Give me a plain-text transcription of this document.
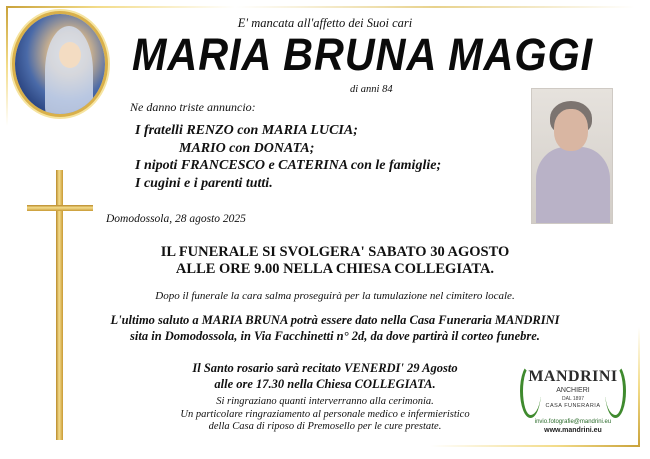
E' mancata all'affetto dei Suoi cari
MARIA BRUNA MAGGI
di anni 84
Ne danno triste annuncio:
I fratelli RENZO con MARIA LUCIA;
MARIO con DONATA;
I nipoti FRANCESCO e CATERINA con le famiglie;
I cugini e i parenti tutti.
Domodossola, 28 agosto 2025
IL FUNERALE SI SVOLGERA' SABATO 30 AGOSTO
ALLE ORE 9.00 NELLA CHIESA COLLEGIATA.
Dopo il funerale la cara salma proseguirà per la tumulazione nel cimitero locale.
L'ultimo saluto a MARIA BRUNA potrà essere dato nella Casa Funeraria MANDRINI
sita in Domodossola, in Via Facchinetti n° 2d, da dove partirà il corteo funebre.
Il Santo rosario sarà recitato VENERDI' 29 Agosto
alle ore 17.30 nella Chiesa COLLEGIATA.
Si ringraziano quanti interverranno alla cerimonia.
Un particolare ringraziamento al personale medico e infermieristico
della Casa di riposo di Premosello per le cure prestate.
MANDRINI
ANCHIERI
DAL 1897
CASA FUNERARIA
invio.fotografie@mandrini.eu
www.mandrini.eu
